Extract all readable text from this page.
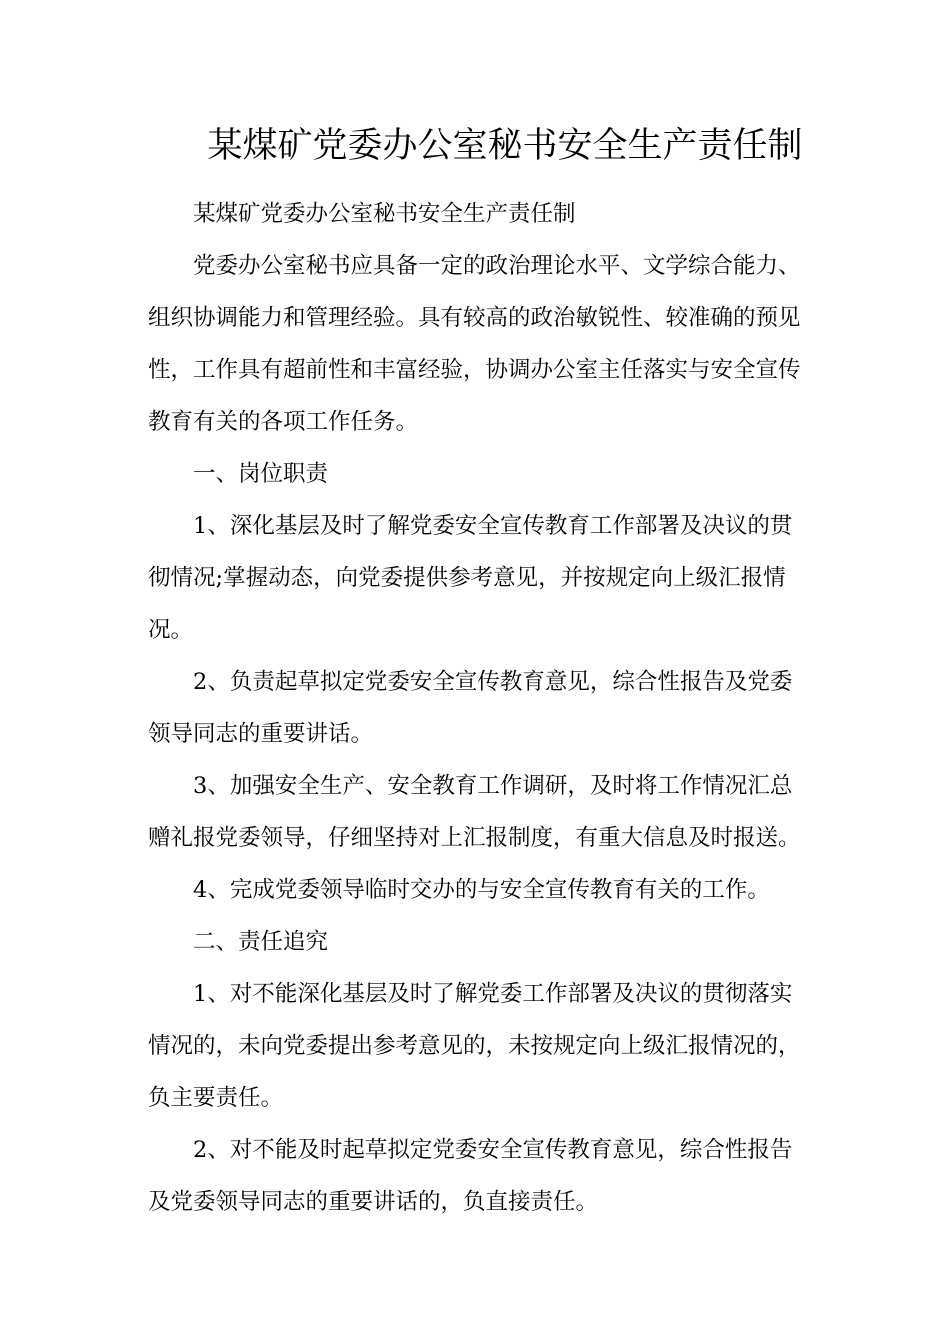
某煤矿党委办公室秘书安全生产责任制
某煤矿党委办公室秘书安全生产责任制
党委办公室秘书应具备一定的政治理论水平、文学综合能力、
组织协调能力和管理经验。具有较高的政治敏锐性、较准确的预见
性，工作具有超前性和丰富经验，协调办公室主任落实与安全宣传
教育有关的各项工作任务。
一、岗位职责
1、深化基层及时了解党委安全宣传教育工作部署及决议的贯
彻情况;掌握动态，向党委提供参考意见，并按规定向上级汇报情
况。
2、负责起草拟定党委安全宣传教育意见，综合性报告及党委
领导同志的重要讲话。
3、加强安全生产、安全教育工作调研，及时将工作情况汇总
赠礼报党委领导，仔细坚持对上汇报制度，有重大信息及时报送。
4、完成党委领导临时交办的与安全宣传教育有关的工作。
二、责任追究
1、对不能深化基层及时了解党委工作部署及决议的贯彻落实
情况的，未向党委提出参考意见的，未按规定向上级汇报情况的，
负主要责任。
2、对不能及时起草拟定党委安全宣传教育意见，综合性报告
及党委领导同志的重要讲话的，负直接责任。
